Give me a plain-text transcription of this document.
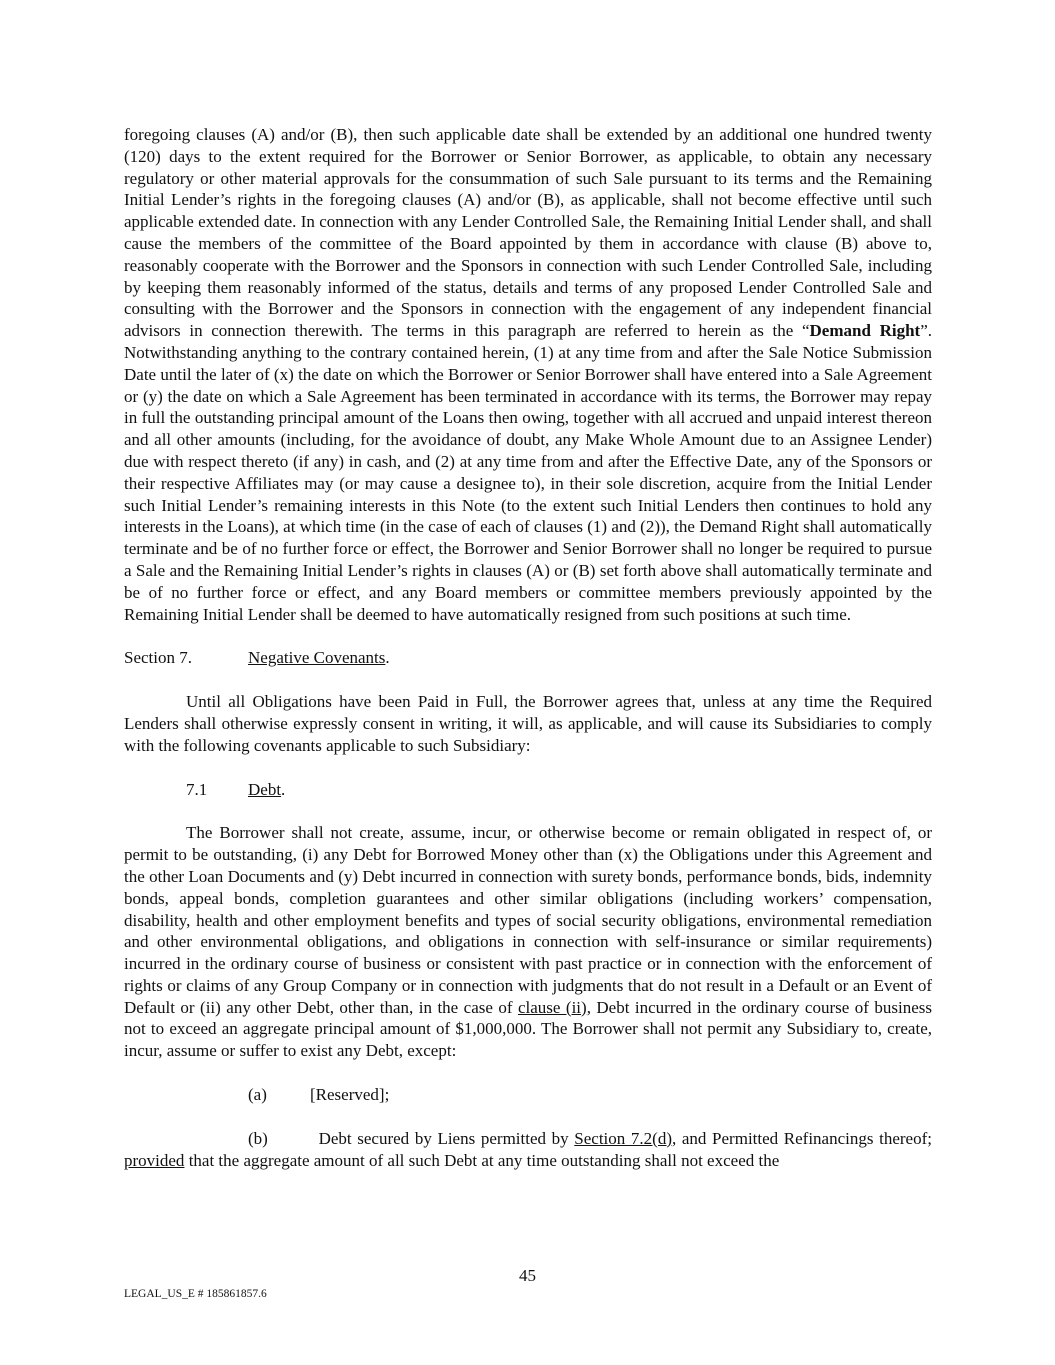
foregoing clauses (A) and/or (B), then such applicable date shall be extended by an additional one hundred twenty (120) days to the extent required for the Borrower or Senior Borrower, as applicable, to obtain any necessary regulatory or other material approvals for the consummation of such Sale pursuant to its terms and the Remaining Initial Lender’s rights in the foregoing clauses (A) and/or (B), as applicable, shall not become effective until such applicable extended date. In connection with any Lender Controlled Sale, the Remaining Initial Lender shall, and shall cause the members of the committee of the Board appointed by them in accordance with clause (B) above to, reasonably cooperate with the Borrower and the Sponsors in connection with such Lender Controlled Sale, including by keeping them reasonably informed of the status, details and terms of any proposed Lender Controlled Sale and consulting with the Borrower and the Sponsors in connection with the engagement of any independent financial advisors in connection therewith. The terms in this paragraph are referred to herein as the “Demand Right”. Notwithstanding anything to the contrary contained herein, (1) at any time from and after the Sale Notice Submission Date until the later of (x) the date on which the Borrower or Senior Borrower shall have entered into a Sale Agreement or (y) the date on which a Sale Agreement has been terminated in accordance with its terms, the Borrower may repay in full the outstanding principal amount of the Loans then owing, together with all accrued and unpaid interest thereon and all other amounts (including, for the avoidance of doubt, any Make Whole Amount due to an Assignee Lender) due with respect thereto (if any) in cash, and (2) at any time from and after the Effective Date, any of the Sponsors or their respective Affiliates may (or may cause a designee to), in their sole discretion, acquire from the Initial Lender such Initial Lender’s remaining interests in this Note (to the extent such Initial Lenders then continues to hold any interests in the Loans), at which time (in the case of each of clauses (1) and (2)), the Demand Right shall automatically terminate and be of no further force or effect, the Borrower and Senior Borrower shall no longer be required to pursue a Sale and the Remaining Initial Lender’s rights in clauses (A) or (B) set forth above shall automatically terminate and be of no further force or effect, and any Board members or committee members previously appointed by the Remaining Initial Lender shall be deemed to have automatically resigned from such positions at such time.

Section 7.	Negative Covenants.

Until all Obligations have been Paid in Full, the Borrower agrees that, unless at any time the Required Lenders shall otherwise expressly consent in writing, it will, as applicable, and will cause its Subsidiaries to comply with the following covenants applicable to such Subsidiary:

7.1 Debt.

The Borrower shall not create, assume, incur, or otherwise become or remain obligated in respect of, or permit to be outstanding, (i) any Debt for Borrowed Money other than (x) the Obligations under this Agreement and the other Loan Documents and (y) Debt incurred in connection with surety bonds, performance bonds, bids, indemnity bonds, appeal bonds, completion guarantees and other similar obligations (including workers’ compensation, disability, health and other employment benefits and types of social security obligations, environmental remediation and other environmental obligations, and obligations in connection with self-insurance or similar requirements) incurred in the ordinary course of business or consistent with past practice or in connection with the enforcement of rights or claims of any Group Company or in connection with judgments that do not result in a Default or an Event of Default or (ii) any other Debt, other than, in the case of clause (ii), Debt incurred in the ordinary course of business not to exceed an aggregate principal amount of $1,000,000. The Borrower shall not permit any Subsidiary to, create, incur, assume or suffer to exist any Debt, except:

(a)	[Reserved];

(b)	Debt secured by Liens permitted by Section 7.2(d), and Permitted Refinancings thereof; provided that the aggregate amount of all such Debt at any time outstanding shall not exceed the

45
LEGAL_US_E # 185861857.6
